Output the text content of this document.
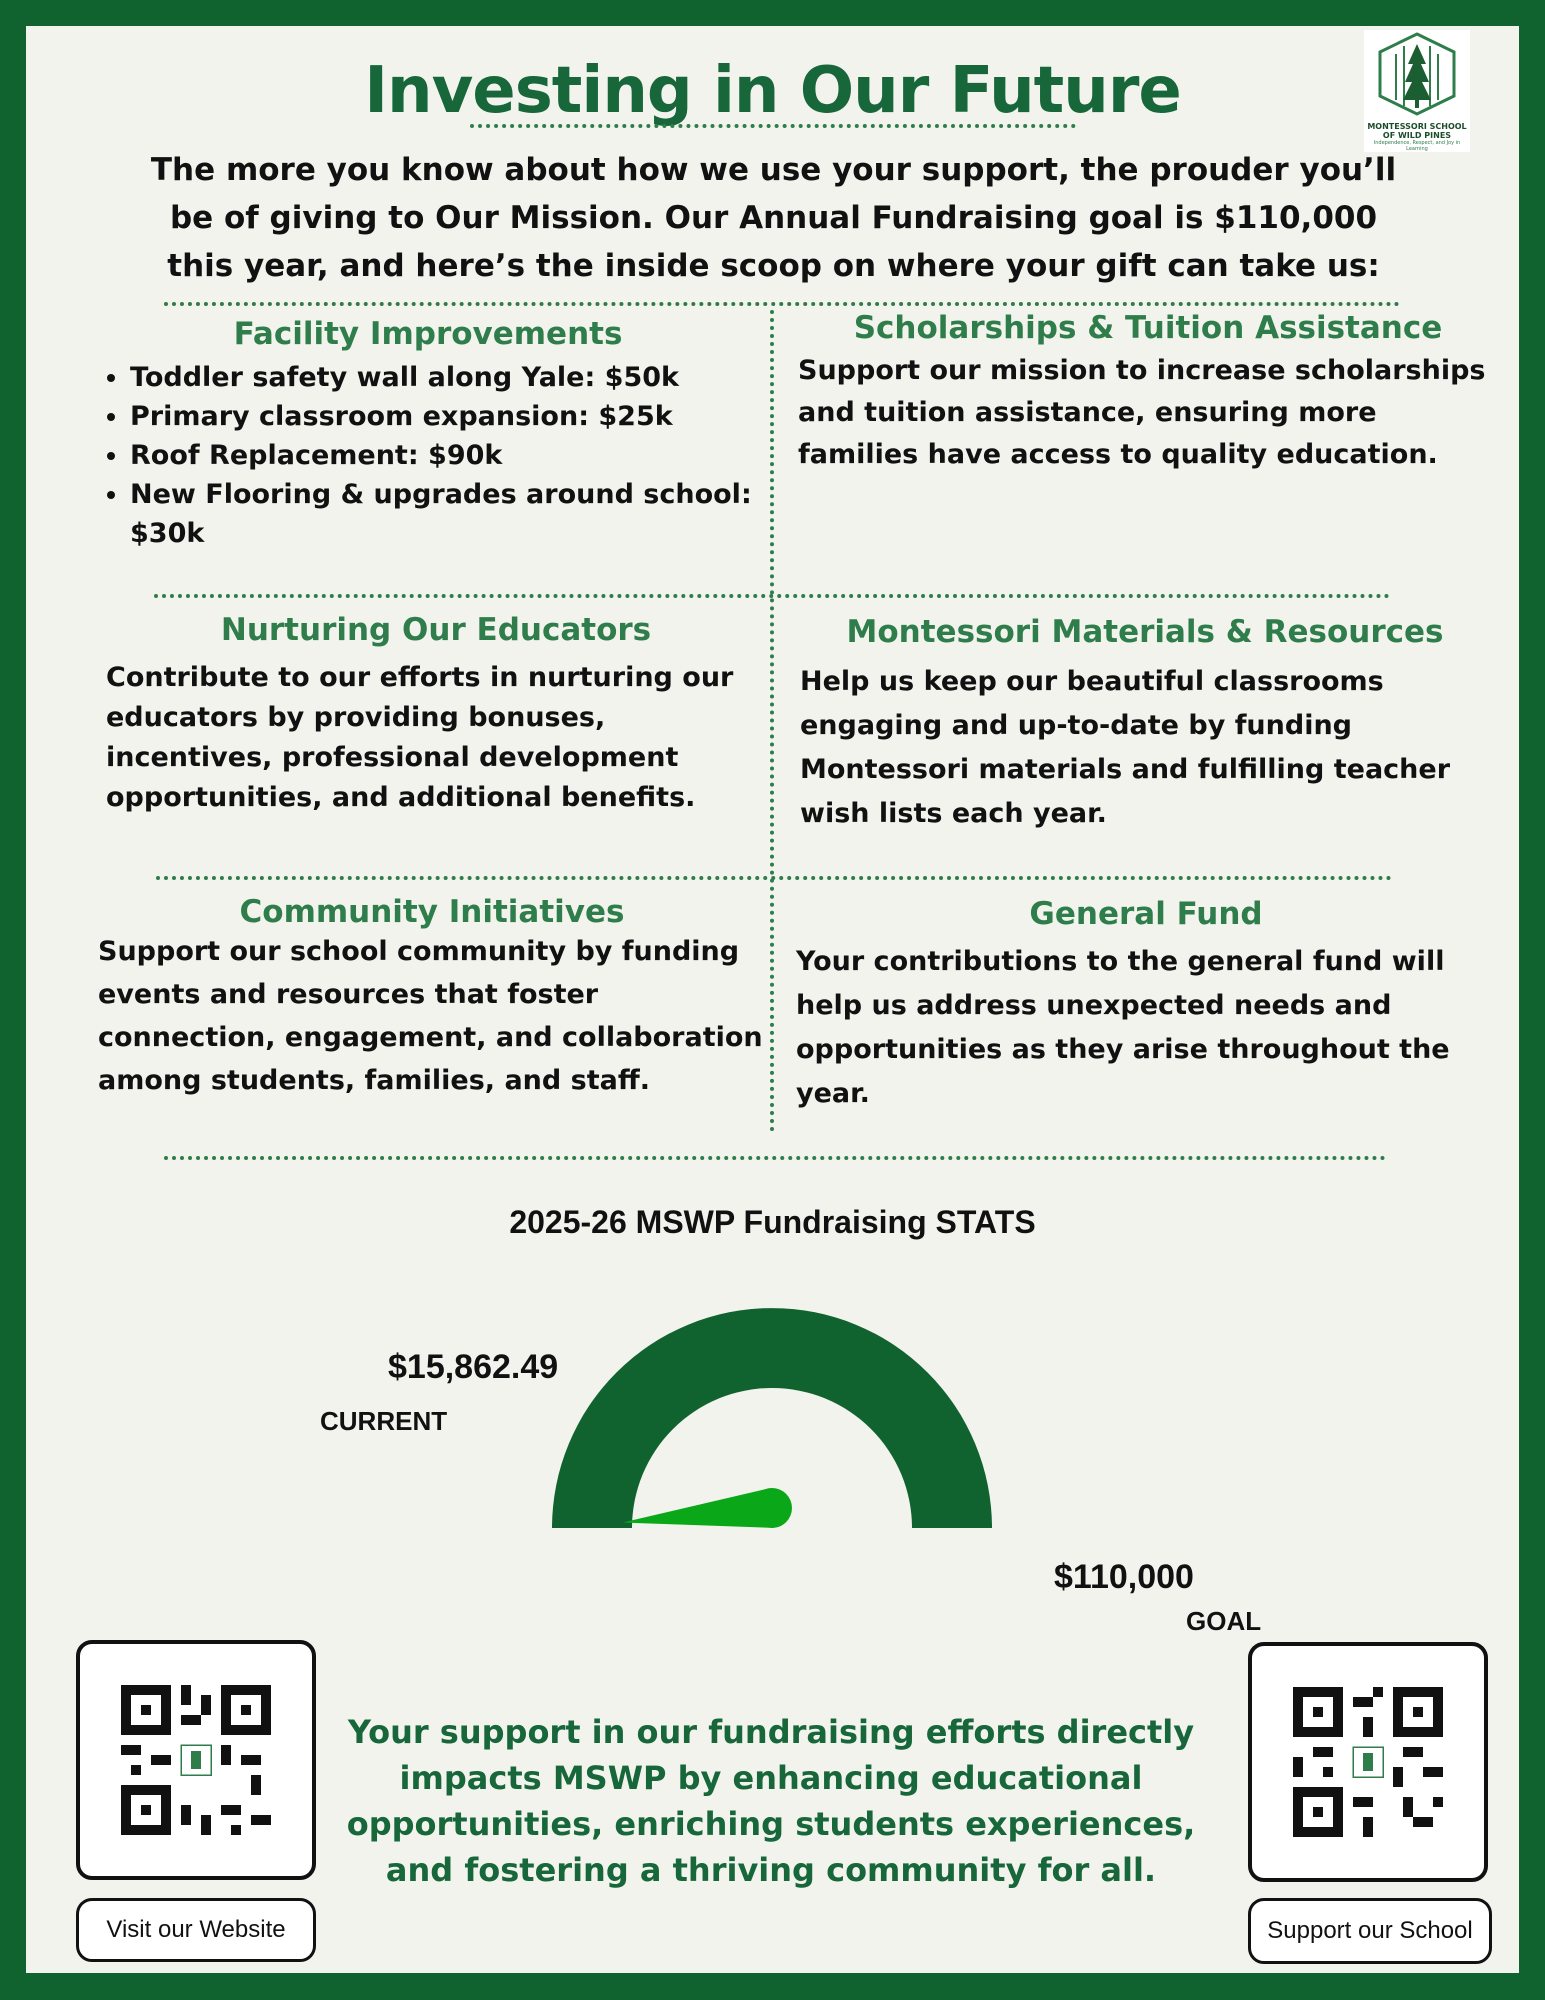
Investing in Our Future	MONTESSORI SCHOOL
OF WILD PINES
Independence, Respect, and Joy in Learning
The more you know about how we use your support, the prouder you’ll be of giving to Our Mission. Our Annual Fundraising goal is $110,000 this year, and here’s the inside scoop on where your gift can take us:
Facility Improvements
• Toddler safety wall along Yale: $50k
• Primary classroom expansion: $25k
• Roof Replacement: $90k
• New Flooring & upgrades around school: $30k
Scholarships & Tuition Assistance
Support our mission to increase scholarships and tuition assistance, ensuring more families have access to quality education.
Nurturing Our Educators
Contribute to our efforts in nurturing our educators by providing bonuses, incentives, professional development opportunities, and additional benefits.
Montessori Materials & Resources
Help us keep our beautiful classrooms engaging and up-to-date by funding Montessori materials and fulfilling teacher wish lists each year.
Community Initiatives
Support our school community by funding events and resources that foster connection, engagement, and collaboration among students, families, and staff.
General Fund
Your contributions to the general fund will help us address unexpected needs and opportunities as they arise throughout the year.
2025-26 MSWP Fundraising STATS
$15,862.49
CURRENT
$110,000
GOAL
Visit our Website	Support our School
Your support in our fundraising efforts directly impacts MSWP by enhancing educational opportunities, enriching students experiences, and fostering a thriving community for all.
